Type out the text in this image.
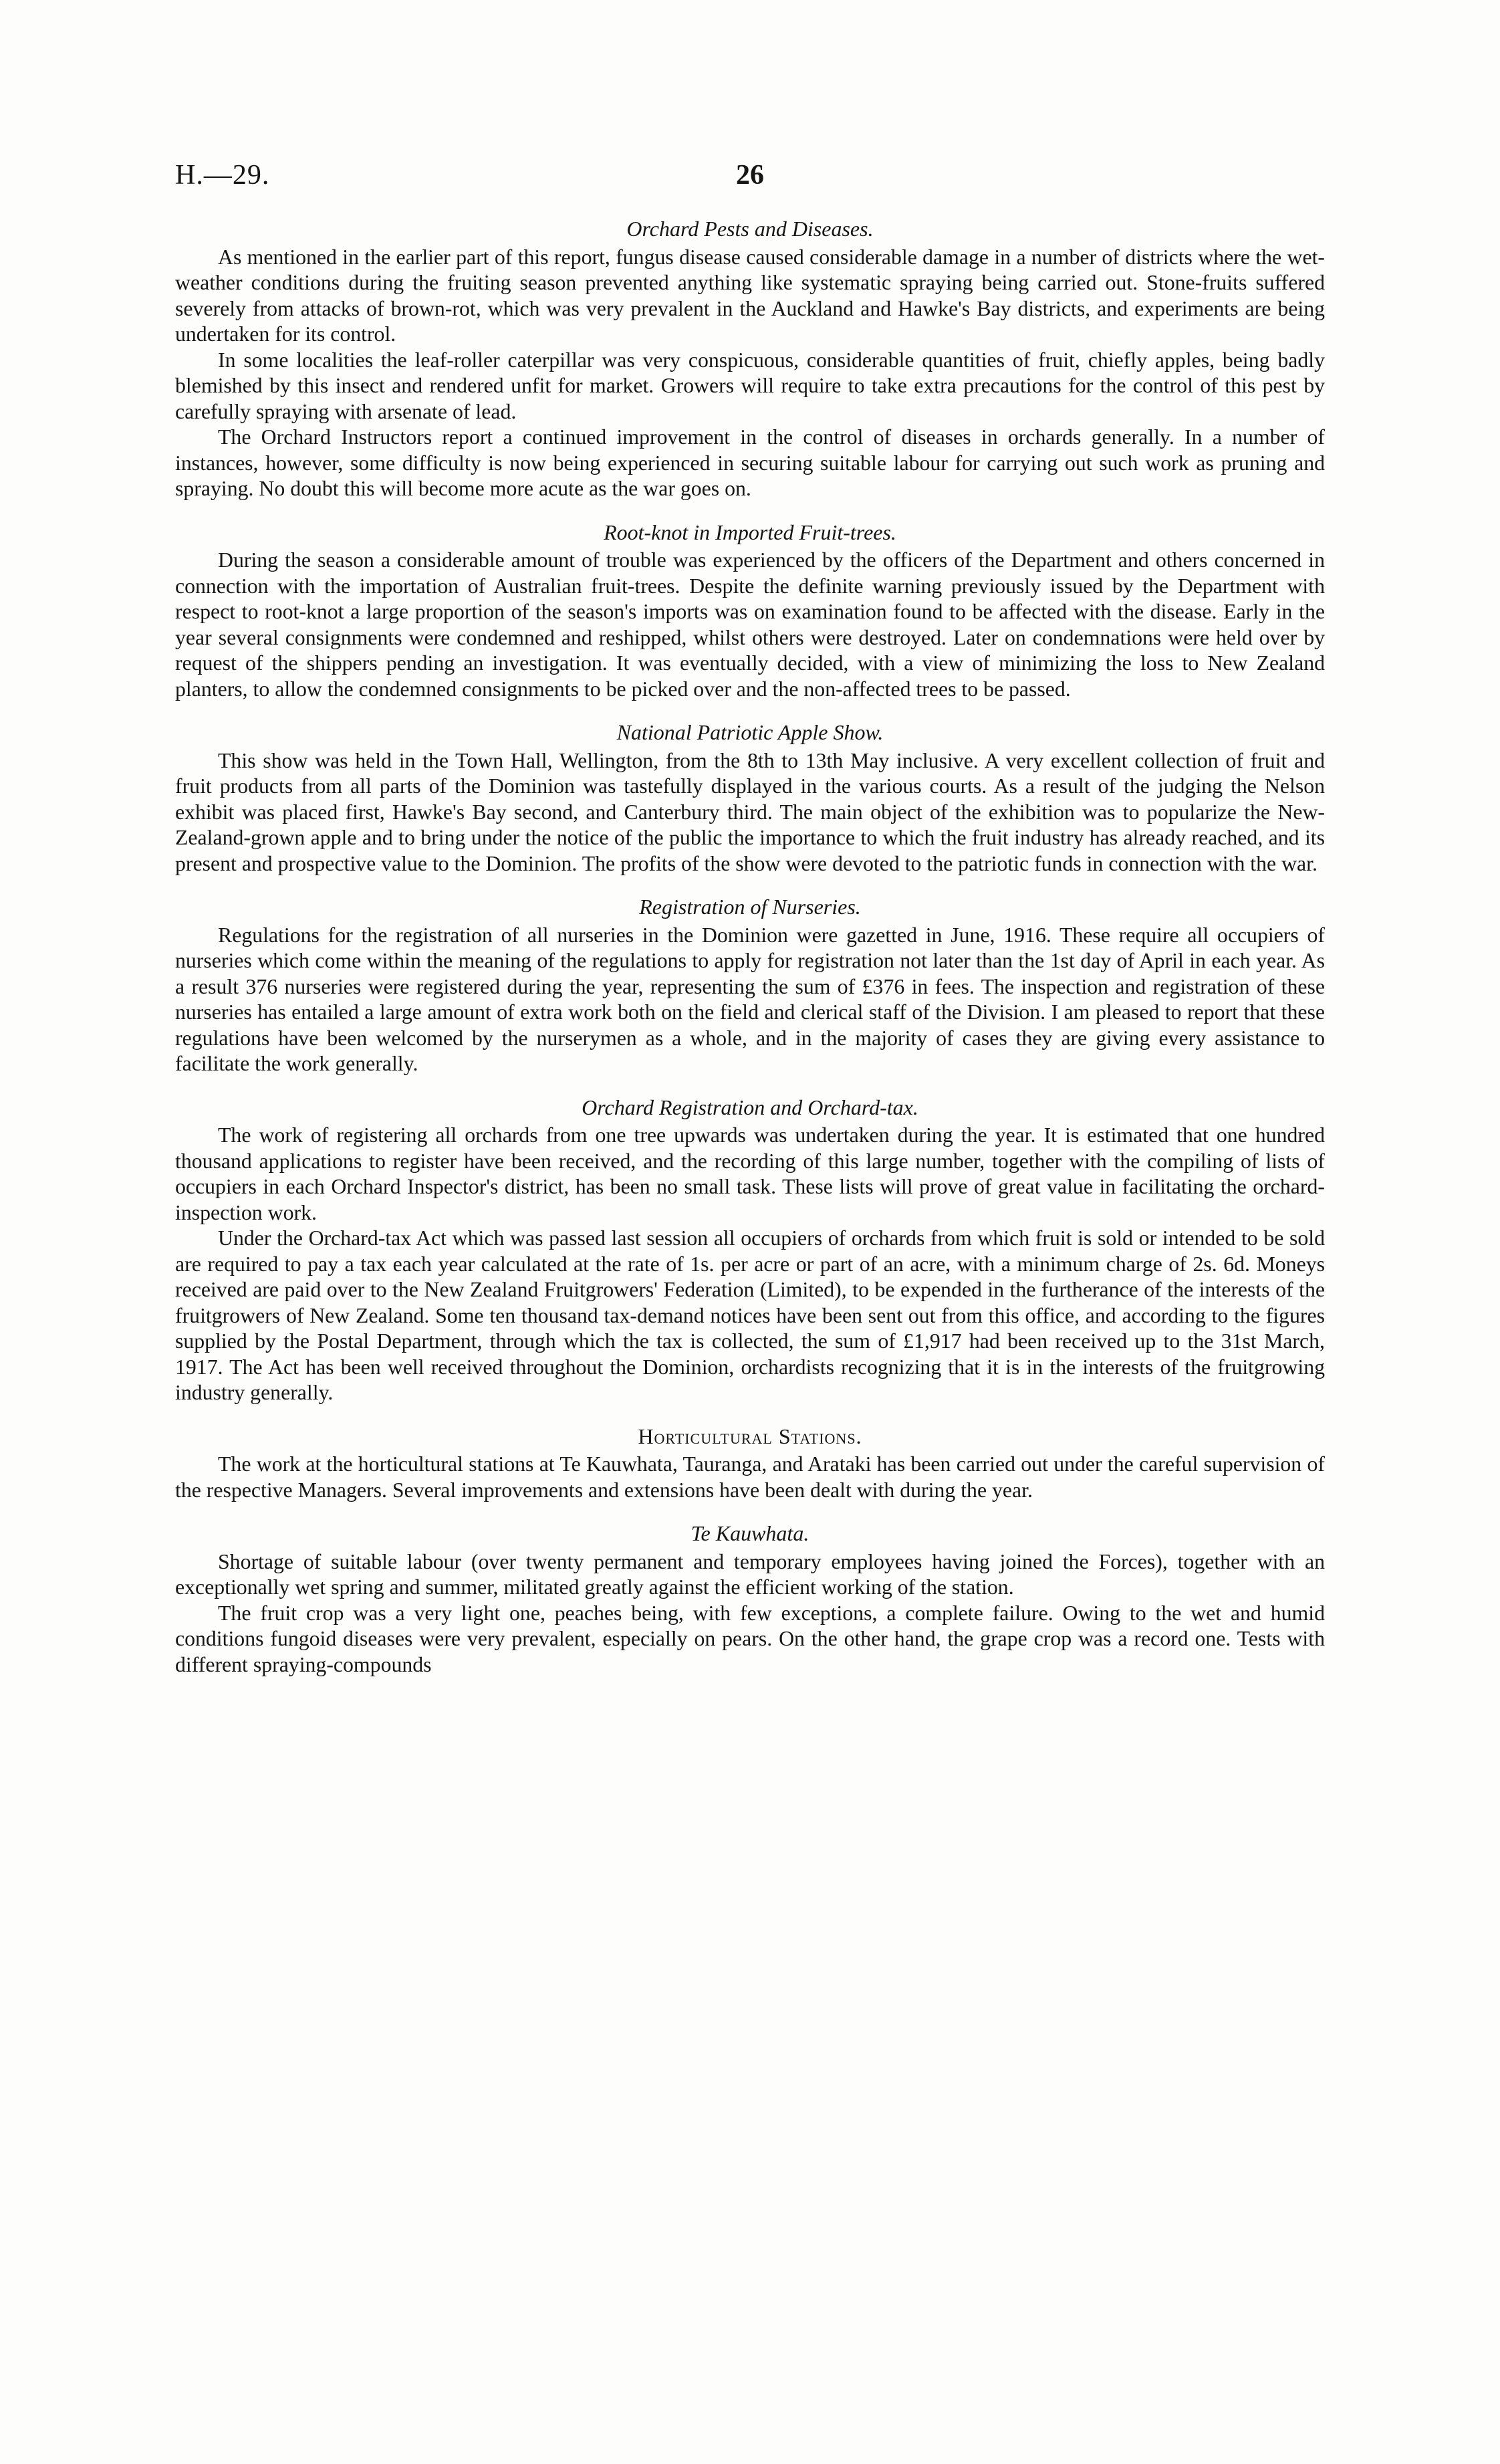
H.—29.	26
Orchard Pests and Diseases.

As mentioned in the earlier part of this report, fungus disease caused considerable damage in a number of districts where the wet-weather conditions during the fruiting season prevented anything like systematic spraying being carried out. Stone-fruits suffered severely from attacks of brown-rot, which was very prevalent in the Auckland and Hawke's Bay districts, and experiments are being undertaken for its control.

In some localities the leaf-roller caterpillar was very conspicuous, considerable quantities of fruit, chiefly apples, being badly blemished by this insect and rendered unfit for market. Growers will require to take extra precautions for the control of this pest by carefully spraying with arsenate of lead.

The Orchard Instructors report a continued improvement in the control of diseases in orchards generally. In a number of instances, however, some difficulty is now being experienced in securing suitable labour for carrying out such work as pruning and spraying. No doubt this will become more acute as the war goes on.

Root-knot in Imported Fruit-trees.

During the season a considerable amount of trouble was experienced by the officers of the Department and others concerned in connection with the importation of Australian fruit-trees. Despite the definite warning previously issued by the Department with respect to root-knot a large proportion of the season's imports was on examination found to be affected with the disease. Early in the year several consignments were condemned and reshipped, whilst others were destroyed. Later on condemnations were held over by request of the shippers pending an investigation. It was eventually decided, with a view of minimizing the loss to New Zealand planters, to allow the condemned consignments to be picked over and the non-affected trees to be passed.

National Patriotic Apple Show.

This show was held in the Town Hall, Wellington, from the 8th to 13th May inclusive. A very excellent collection of fruit and fruit products from all parts of the Dominion was tastefully displayed in the various courts. As a result of the judging the Nelson exhibit was placed first, Hawke's Bay second, and Canterbury third. The main object of the exhibition was to popularize the New-Zealand-grown apple and to bring under the notice of the public the importance to which the fruit industry has already reached, and its present and prospective value to the Dominion. The profits of the show were devoted to the patriotic funds in connection with the war.

Registration of Nurseries.

Regulations for the registration of all nurseries in the Dominion were gazetted in June, 1916. These require all occupiers of nurseries which come within the meaning of the regulations to apply for registration not later than the 1st day of April in each year. As a result 376 nurseries were registered during the year, representing the sum of £376 in fees. The inspection and registration of these nurseries has entailed a large amount of extra work both on the field and clerical staff of the Division. I am pleased to report that these regulations have been welcomed by the nurserymen as a whole, and in the majority of cases they are giving every assistance to facilitate the work generally.

Orchard Registration and Orchard-tax.

The work of registering all orchards from one tree upwards was undertaken during the year. It is estimated that one hundred thousand applications to register have been received, and the recording of this large number, together with the compiling of lists of occupiers in each Orchard Inspector's district, has been no small task. These lists will prove of great value in facilitating the orchard-inspection work.

Under the Orchard-tax Act which was passed last session all occupiers of orchards from which fruit is sold or intended to be sold are required to pay a tax each year calculated at the rate of 1s. per acre or part of an acre, with a minimum charge of 2s. 6d. Moneys received are paid over to the New Zealand Fruitgrowers' Federation (Limited), to be expended in the furtherance of the interests of the fruitgrowers of New Zealand. Some ten thousand tax-demand notices have been sent out from this office, and according to the figures supplied by the Postal Department, through which the tax is collected, the sum of £1,917 had been received up to the 31st March, 1917. The Act has been well received throughout the Dominion, orchardists recognizing that it is in the interests of the fruitgrowing industry generally.

Horticultural Stations.

The work at the horticultural stations at Te Kauwhata, Tauranga, and Arataki has been carried out under the careful supervision of the respective Managers. Several improvements and extensions have been dealt with during the year.

Te Kauwhata.

Shortage of suitable labour (over twenty permanent and temporary employees having joined the Forces), together with an exceptionally wet spring and summer, militated greatly against the efficient working of the station.

The fruit crop was a very light one, peaches being, with few exceptions, a complete failure. Owing to the wet and humid conditions fungoid diseases were very prevalent, especially on pears. On the other hand, the grape crop was a record one. Tests with different spraying-compounds
